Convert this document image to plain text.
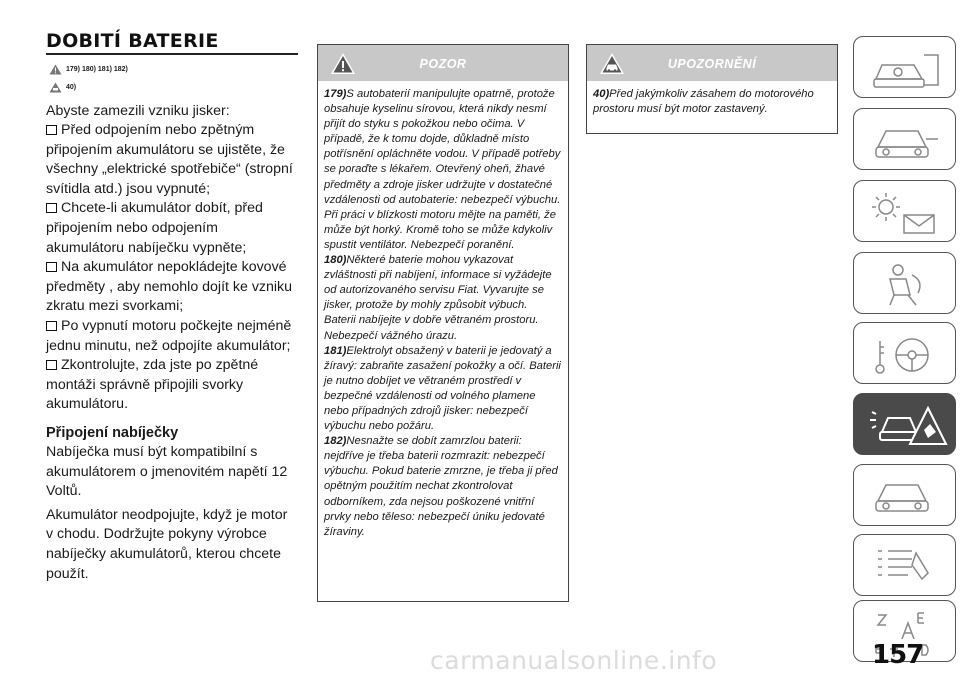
DOBITÍ BATERIE
179) 180) 181) 182)
40)
Abyste zamezili vzniku jisker:
Před odpojením nebo zpětným připojením akumulátoru se ujistěte, že všechny „elektrické spotřebiče“ (stropní svítidla atd.) jsou vypnuté;
Chcete-li akumulátor dobít, před připojením nebo odpojením akumulátoru nabíječku vypněte;
Na akumulátor nepokládejte kovové předměty , aby nemohlo dojít ke vzniku zkratu mezi svorkami;
Po vypnutí motoru počkejte nejméně jednu minutu, než odpojíte akumulátor;
Zkontrolujte, zda jste po zpětné montáži správně připojili svorky akumulátoru.
Připojení nabíječky
Nabíječka musí být kompatibilní s akumulátorem o jmenovitém napětí 12 Voltů.
Akumulátor neodpojujte, když je motor v chodu. Dodržujte pokyny výrobce nabíječky akumulátorů, kterou chcete použít.
POZOR
179)S autobaterií manipulujte opatrně, protože obsahuje kyselinu sírovou, která nikdy nesmí přijít do styku s pokožkou nebo očima. V případě, že k tomu dojde, důkladně místo potřísnění opláchněte vodou. V případě potřeby se poraďte s lékařem. Otevřený oheň, žhavé předměty a zdroje jisker udržujte v dostatečné vzdálenosti od autobaterie: nebezpečí výbuchu. Při práci v blízkosti motoru mějte na paměti, že může být horký. Kromě toho se může kdykoliv spustit ventilátor. Nebezpečí poranění.
180)Některé baterie mohou vykazovat zvláštnosti při nabíjení, informace si vyžádejte od autorizovaného servisu Fiat. Vyvarujte se jisker, protože by mohly způsobit výbuch. Baterii nabíjejte v dobře větraném prostoru. Nebezpečí vážného úrazu.
181)Elektrolyt obsažený v baterii je jedovatý a žíravý: zabraňte zasažení pokožky a očí. Baterii je nutno dobíjet ve větraném prostředí v bezpečné vzdálenosti od volného plamene nebo případných zdrojů jisker: nebezpečí výbuchu nebo požáru.
182)Nesnažte se dobít zamrzlou baterii: nejdříve je třeba baterii rozmrazit: nebezpečí výbuchu. Pokud baterie zmrzne, je třeba ji před opětným použitím nechat zkontrolovat odborníkem, zda nejsou poškozené vnitřní prvky nebo těleso: nebezpečí úniku jedovaté žíraviny.
UPOZORNĚNÍ
40)Před jakýmkoliv zásahem do motorového prostoru musí být motor zastavený.
157
carmanualsonline.info
